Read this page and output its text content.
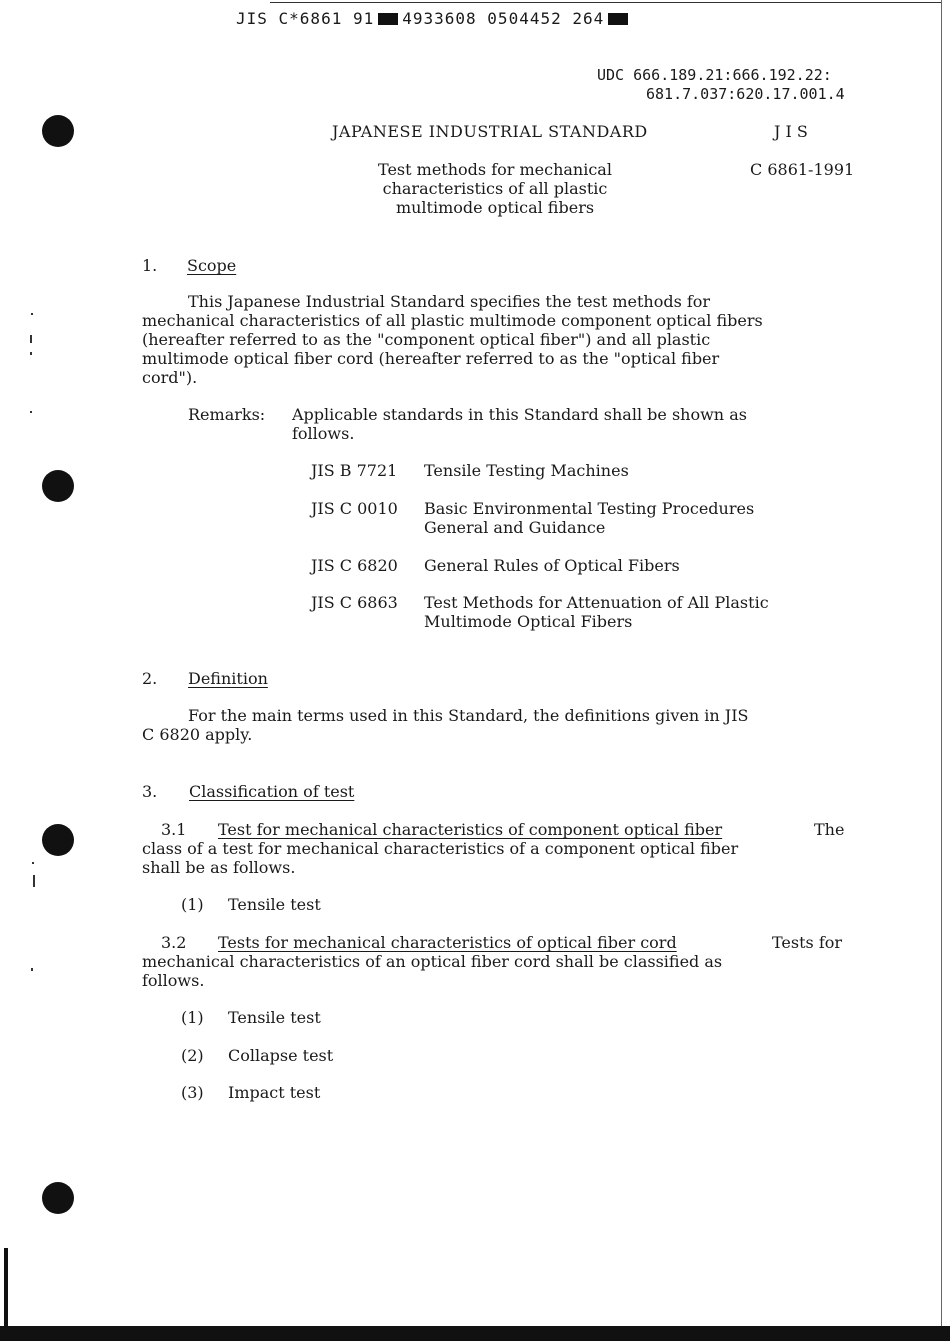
JIS C*6861 91 4933608 0504452 264
UDC 666.189.21:666.192.22:
681.7.037:620.17.001.4
JAPANESE INDUSTRIAL STANDARD	J I S
Test methods for mechanical
characteristics of all plastic
multimode optical fibers
C 6861-1991
1. Scope
This Japanese Industrial Standard specifies the test methods for
mechanical characteristics of all plastic multimode component optical fibers
(hereafter referred to as the "component optical fiber") and all plastic
multimode optical fiber cord (hereafter referred to as the "optical fiber
cord").
Remarks: Applicable standards in this Standard shall be shown as
follows.
JIS B 7721 Tensile Testing Machines
JIS C 0010 Basic Environmental Testing Procedures
General and Guidance
JIS C 6820 General Rules of Optical Fibers
JIS C 6863 Test Methods for Attenuation of All Plastic
Multimode Optical Fibers
2. Definition
For the main terms used in this Standard, the definitions given in JIS
C 6820 apply.
3. Classification of test
3.1 Test for mechanical characteristics of component optical fiber	The
class of a test for mechanical characteristics of a component optical fiber
shall be as follows.
(1) Tensile test
3.2 Tests for mechanical characteristics of optical fiber cord	Tests for
mechanical characteristics of an optical fiber cord shall be classified as
follows.
(1) Tensile test
(2) Collapse test
(3) Impact test
